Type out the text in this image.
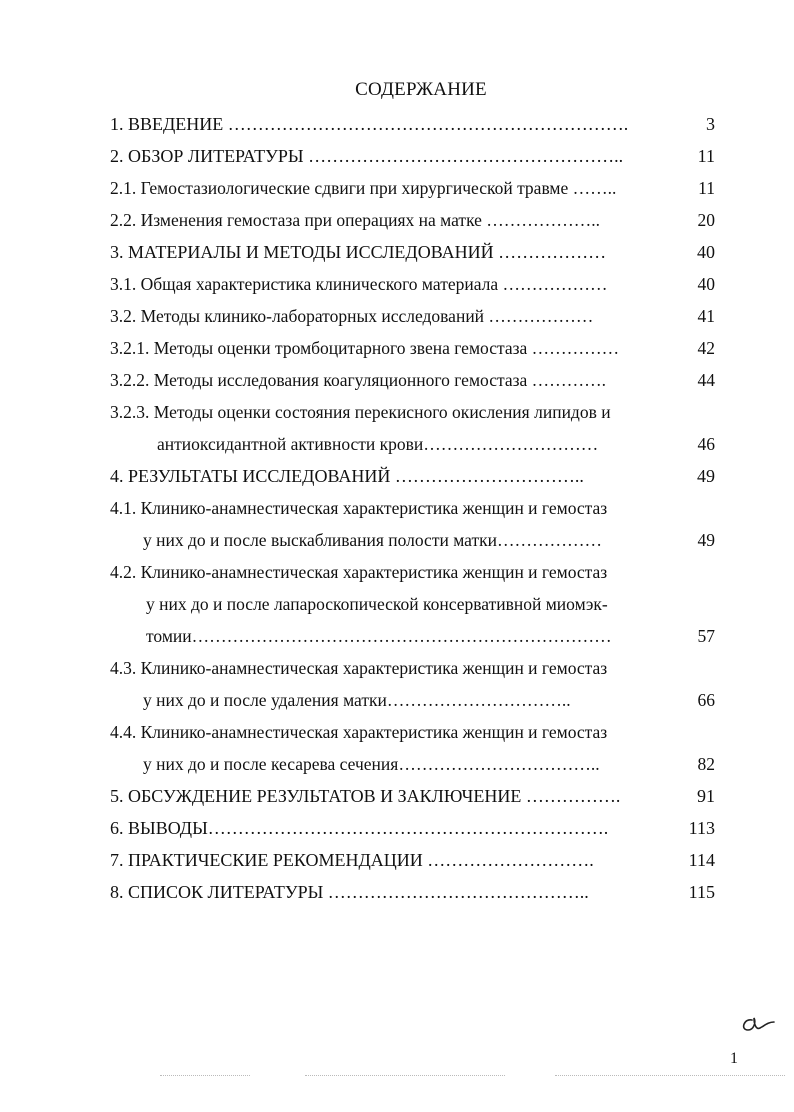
СОДЕРЖАНИЕ
1. ВВЕДЕНИЕ ………………………………………………………….	3
2. ОБЗОР ЛИТЕРАТУРЫ ……………………………………………..	11
2.1. Гемостазиологические сдвиги при хирургической травме ……..	11
2.2. Изменения гемостаза при операциях на матке ………………..	20
3. МАТЕРИАЛЫ И МЕТОДЫ ИССЛЕДОВАНИЙ ………………	40
3.1. Общая характеристика клинического материала ………………	40
3.2. Методы клинико-лабораторных исследований ………………	41
3.2.1. Методы оценки тромбоцитарного звена гемостаза ……………	42
3.2.2. Методы исследования коагуляционного гемостаза ………….	44
3.2.3. Методы оценки состояния перекисного окисления липидов и
антиоксидантной активности крови…………………………	46
4. РЕЗУЛЬТАТЫ ИССЛЕДОВАНИЙ …………………………..	49
4.1. Клинико-анамнестическая характеристика женщин и гемостаз
у них до и после выскабливания полости матки………………	49
4.2. Клинико-анамнестическая характеристика женщин и гемостаз
у них до и после лапароскопической консервативной миомэк-
томии………………………………………………………………	57
4.3. Клинико-анамнестическая характеристика женщин и гемостаз
у них до и после удаления матки…………………………..	66
4.4. Клинико-анамнестическая характеристика женщин и гемостаз
у них до и после кесарева сечения……………………………..	82
5. ОБСУЖДЕНИЕ РЕЗУЛЬТАТОВ И ЗАКЛЮЧЕНИЕ …………….	91
6. ВЫВОДЫ………………………………………………………….	113
7. ПРАКТИЧЕСКИЕ РЕКОМЕНДАЦИИ ……………………….	114
8. СПИСОК ЛИТЕРАТУРЫ ……………………………………..	115
1
